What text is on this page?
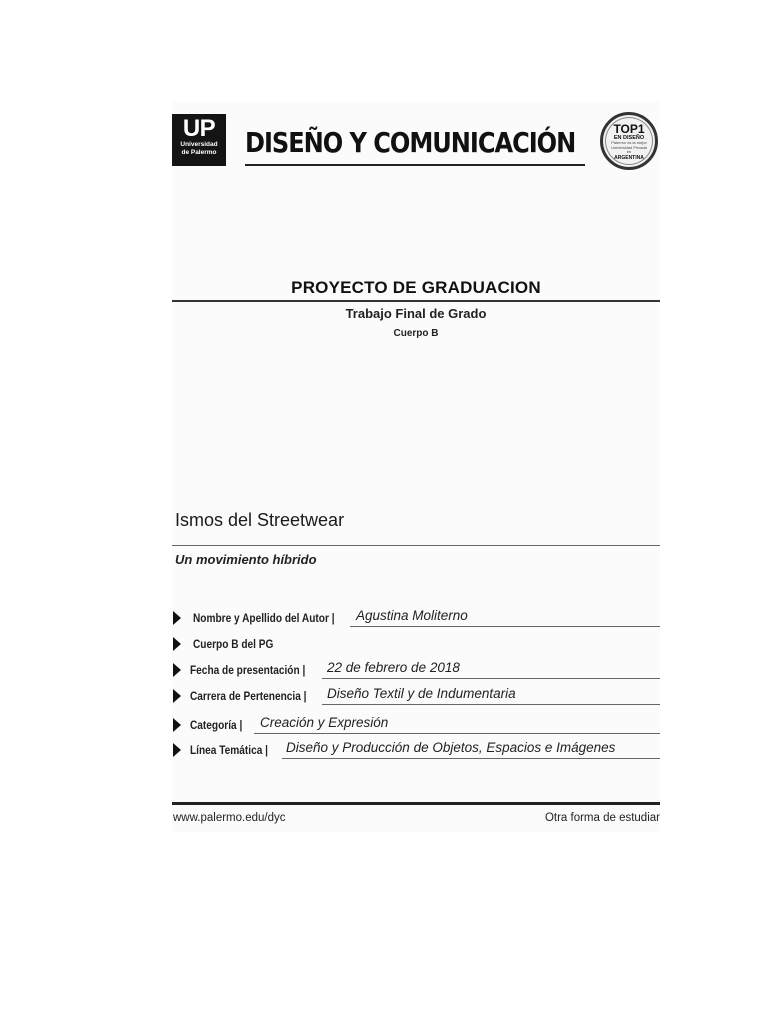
UP
Universidad
de Palermo	DISEÑO Y COMUNICACIÓN	TOP1
EN DISEÑO
Palermo es la mejor Universidad Privada en
ARGENTINA
PROYECTO DE GRADUACION
Trabajo Final de Grado
Cuerpo B
Ismos del Streetwear
Un movimiento híbrido
Nombre y Apellido del Autor | Agustina Moliterno
Cuerpo B del PG
Fecha de presentación | 22 de febrero de 2018
Carrera de Pertenencia | Diseño Textil y de Indumentaria
Categoría | Creación y Expresión
Línea Temática | Diseño y Producción de Objetos, Espacios e Imágenes
www.palermo.edu/dyc	Otra forma de estudiar
